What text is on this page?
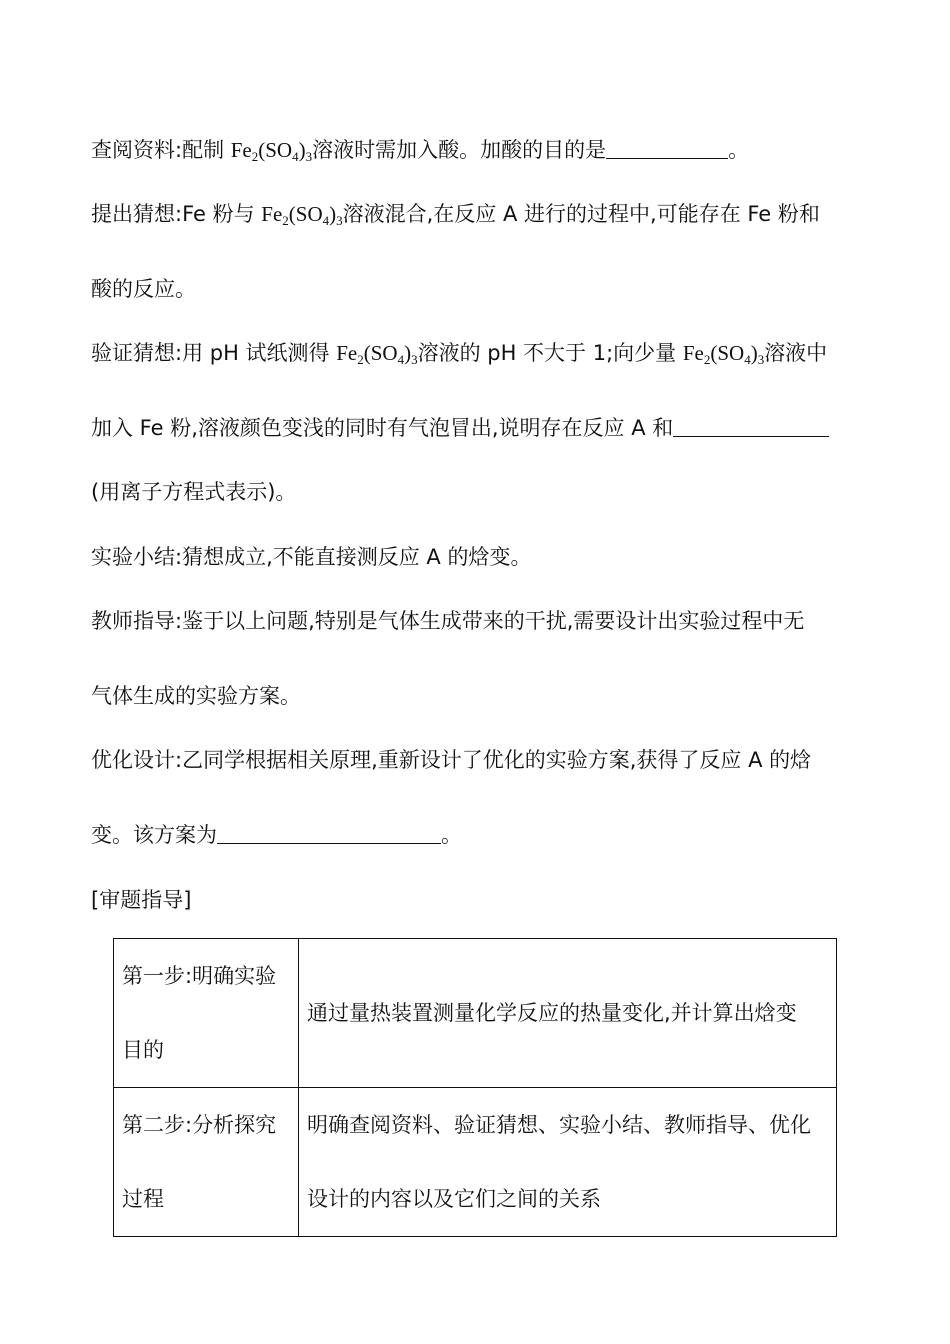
查阅资料:配制 $Fe_2(SO_4)_3$溶液时需加入酸。加酸的目的是	。
提出猜想:Fe 粉与 $Fe_2(SO_4)_3$溶液混合,在反应 A 进行的过程中,可能存在 Fe 粉和
酸的反应。
验证猜想:用 pH 试纸测得 $Fe_2(SO_4)_3$溶液的 pH 不大于 1;向少量 $Fe_2(SO_4)_3$溶液中
加入 Fe 粉,溶液颜色变浅的同时有气泡冒出,说明存在反应 A 和
(用离子方程式表示)。
实验小结:猜想成立,不能直接测反应 A 的焓变。
教师指导:鉴于以上问题,特别是气体生成带来的干扰,需要设计出实验过程中无
气体生成的实验方案。
优化设计:乙同学根据相关原理,重新设计了优化的实验方案,获得了反应 A 的焓
变。该方案为	。
[审题指导]
第一步:明确实验目的	通过量热装置测量化学反应的热量变化,并计算出焓变
第二步:分析探究过程	明确查阅资料、验证猜想、实验小结、教师指导、优化设计的内容以及它们之间的关系
